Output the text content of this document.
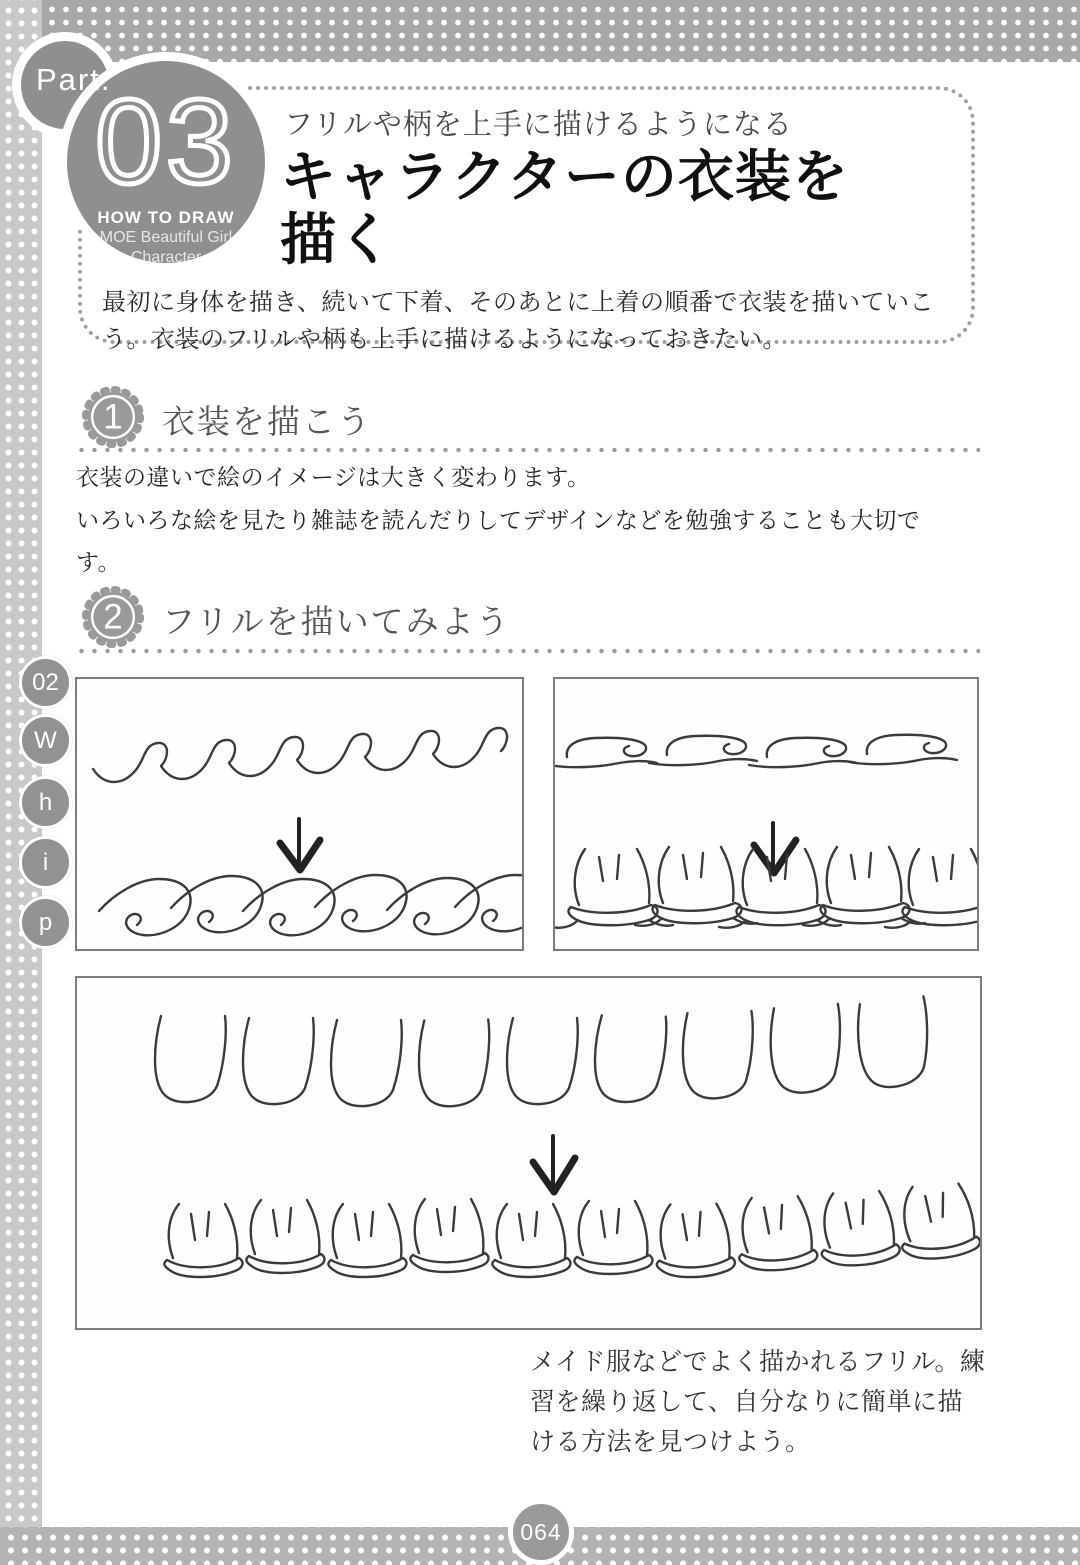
Part.
03
HOW TO DRAW
MOE Beautiful Girl
Character
フリルや柄を上手に描けるようになる
キャラクターの衣装を
描く
最初に身体を描き、続いて下着、そのあとに上着の順番で衣装を描いていこう。衣装のフリルや柄も上手に描けるようになっておきたい。
1 衣装を描こう
衣装の違いで絵のイメージは大きく変わります。
いろいろな絵を見たり雑誌を読んだりしてデザインなどを勉強することも大切です。
2 フリルを描いてみよう
02
W
h
i
p
メイド服などでよく描かれるフリル。練習を繰り返して、自分なりに簡単に描ける方法を見つけよう。
064
